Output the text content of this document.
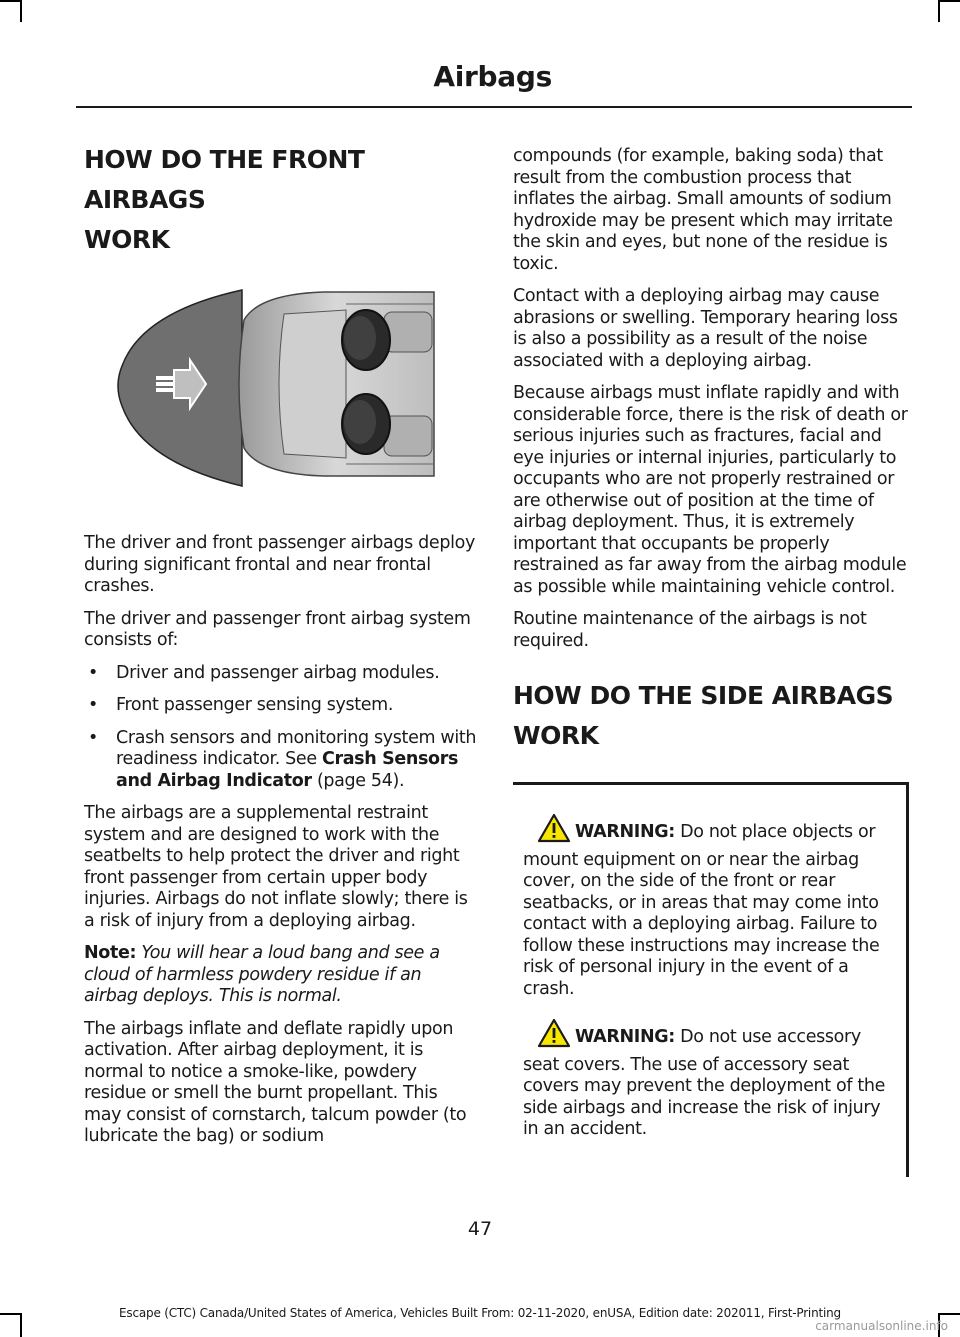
Airbags
HOW DO THE FRONT AIRBAGS
WORK

The driver and front passenger airbags deploy during significant frontal and near frontal crashes.

The driver and passenger front airbag system consists of:

• Driver and passenger airbag modules.
• Front passenger sensing system.
• Crash sensors and monitoring system with readiness indicator. See Crash Sensors and Airbag Indicator (page 54).

The airbags are a supplemental restraint system and are designed to work with the seatbelts to help protect the driver and right front passenger from certain upper body injuries. Airbags do not inflate slowly; there is a risk of injury from a deploying airbag.

Note: You will hear a loud bang and see a cloud of harmless powdery residue if an airbag deploys. This is normal.

The airbags inflate and deflate rapidly upon activation. After airbag deployment, it is normal to notice a smoke-like, powdery residue or smell the burnt propellant. This may consist of cornstarch, talcum powder (to lubricate the bag) or sodium

compounds (for example, baking soda) that result from the combustion process that inflates the airbag. Small amounts of sodium hydroxide may be present which may irritate the skin and eyes, but none of the residue is toxic.

Contact with a deploying airbag may cause abrasions or swelling. Temporary hearing loss is also a possibility as a result of the noise associated with a deploying airbag.

Because airbags must inflate rapidly and with considerable force, there is the risk of death or serious injuries such as fractures, facial and eye injuries or internal injuries, particularly to occupants who are not properly restrained or are otherwise out of position at the time of airbag deployment. Thus, it is extremely important that occupants be properly restrained as far away from the airbag module as possible while maintaining vehicle control.

Routine maintenance of the airbags is not required.

HOW DO THE SIDE AIRBAGS
WORK
WARNING: Do not place objects or mount equipment on or near the airbag cover, on the side of the front or rear seatbacks, or in areas that may come into contact with a deploying airbag. Failure to follow these instructions may increase the risk of personal injury in the event of a crash.
WARNING: Do not use accessory seat covers. The use of accessory seat covers may prevent the deployment of the side airbags and increase the risk of injury in an accident.
47
Escape (CTC) Canada/United States of America, Vehicles Built From: 02-11-2020, enUSA, Edition date: 202011, First-Printing
carmanualsonline.info
